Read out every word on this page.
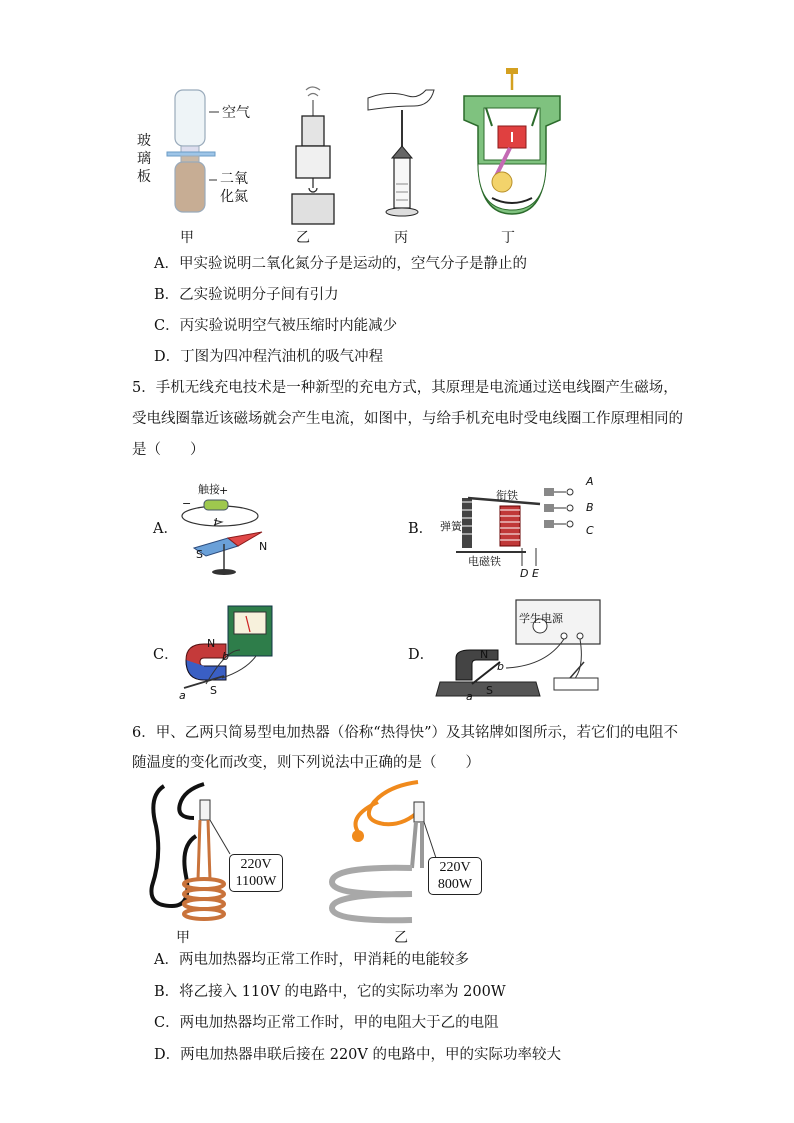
空气
玻
璃
板	二氧
化氮
甲	乙	丙	丁
A．甲实验说明二氧化氮分子是运动的，空气分子是静止的
B．乙实验说明分子间有引力
C．丙实验说明空气被压缩时内能减少
D．丁图为四冲程汽油机的吸气冲程
5．手机无线充电技术是一种新型的充电方式，其原理是电流通过送电线圈产生磁场，
受电线圈靠近该磁场就会产生电流，如图中，与给手机充电时受电线圈工作原理相同的
是（　　）
A．
触接
−
+
I
S
N
B．
衔铁
弹簧
电磁铁
A
B
C
D E
C．
N
b
S
a
D．
学生电源
N
b
S
a
6．甲、乙两只简易型电加热器（俗称“热得快”）及其铭牌如图所示，若它们的电阻不
随温度的变化而改变，则下列说法中正确的是（　　）
220V
1100W
甲
220V
800W
乙
A．两电加热器均正常工作时，甲消耗的电能较多
B．将乙接入 110V 的电路中，它的实际功率为 200W
C．两电加热器均正常工作时，甲的电阻大于乙的电阻
D．两电加热器串联后接在 220V 的电路中，甲的实际功率较大
